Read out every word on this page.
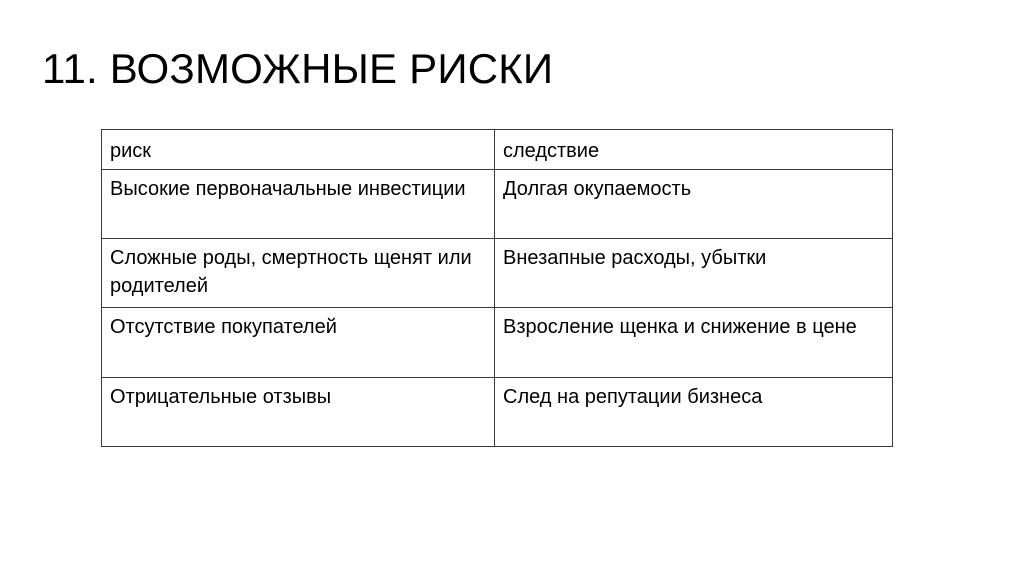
11. ВОЗМОЖНЫЕ РИСКИ
риск	следствие
Высокие первоначальные инвестиции	Долгая окупаемость
Сложные роды, смертность щенят или родителей	Внезапные расходы, убытки
Отсутствие покупателей	Взросление щенка и снижение в цене
Отрицательные отзывы	След на репутации бизнеса
